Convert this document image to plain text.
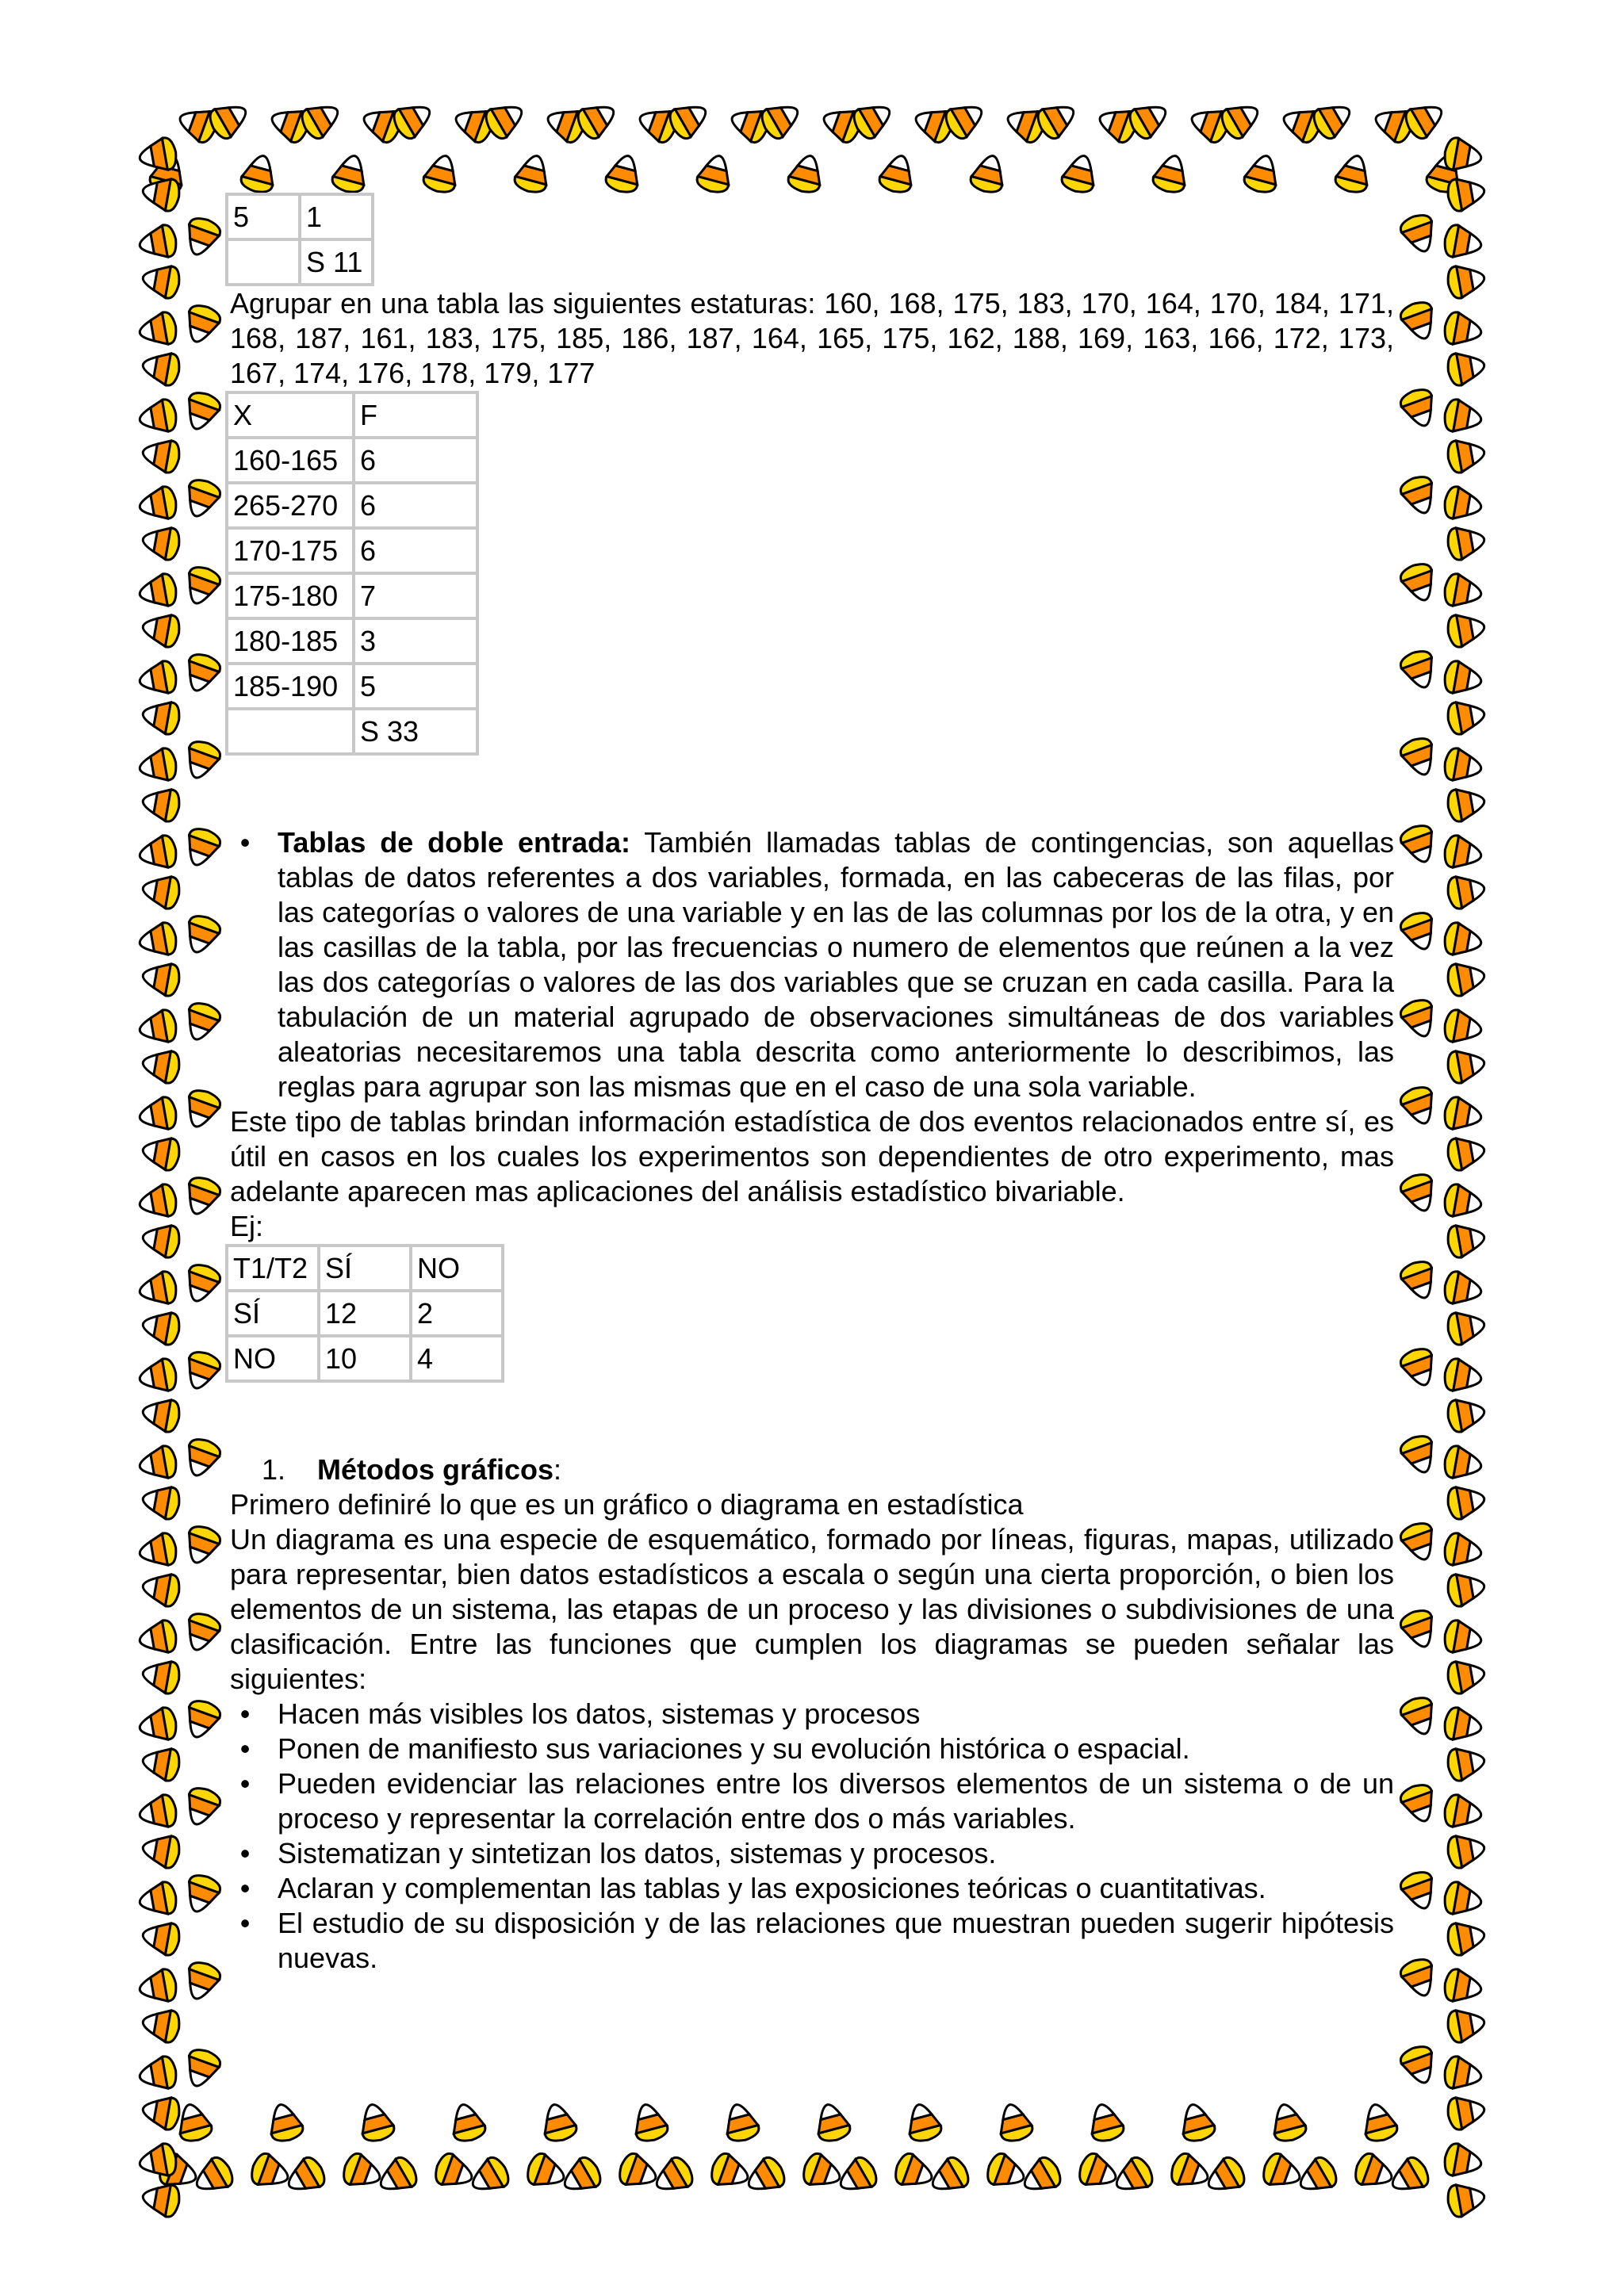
5	1
	S 11

Agrupar en una tabla las siguientes estaturas: 160, 168, 175, 183, 170, 164, 170, 184, 171, 168, 187, 161, 183, 175, 185, 186, 187, 164, 165, 175, 162, 188, 169, 163, 166, 172, 173, 167, 174, 176, 178, 179, 177

X	F
160-165	6
265-270	6
170-175	6
175-180	7
180-185	3
185-190	5
	S 33
• Tablas de doble entrada: También llamadas tablas de contingencias, son aquellas tablas de datos referentes a dos variables, formada, en las cabeceras de las filas, por las categorías o valores de una variable y en las de las columnas por los de la otra, y en las casillas de la tabla, por las frecuencias o numero de elementos que reúnen a la vez las dos categorías o valores de las dos variables que se cruzan en cada casilla. Para la tabulación de un material agrupado de observaciones simultáneas de dos variables aleatorias necesitaremos una tabla descrita como anteriormente lo describimos, las reglas para agrupar son las mismas que en el caso de una sola variable.

Este tipo de tablas brindan información estadística de dos eventos relacionados entre sí, es útil en casos en los cuales los experimentos son dependientes de otro experimento, mas adelante aparecen mas aplicaciones del análisis estadístico bivariable.

Ej:

T1/T2	SÍ	NO
SÍ	12	2
NO	10	4

1. Métodos gráficos:

Primero definiré lo que es un gráfico o diagrama en estadística

Un diagrama es una especie de esquemático, formado por líneas, figuras, mapas, utilizado para representar, bien datos estadísticos a escala o según una cierta proporción, o bien los elementos de un sistema, las etapas de un proceso y las divisiones o subdivisiones de una clasificación. Entre las funciones que cumplen los diagramas se pueden señalar las siguientes:

• Hacen más visibles los datos, sistemas y procesos
• Ponen de manifiesto sus variaciones y su evolución histórica o espacial.
• Pueden evidenciar las relaciones entre los diversos elementos de un sistema o de un proceso y representar la correlación entre dos o más variables.
• Sistematizan y sintetizan los datos, sistemas y procesos.
• Aclaran y complementan las tablas y las exposiciones teóricas o cuantitativas.
• El estudio de su disposición y de las relaciones que muestran pueden sugerir hipótesis nuevas.
